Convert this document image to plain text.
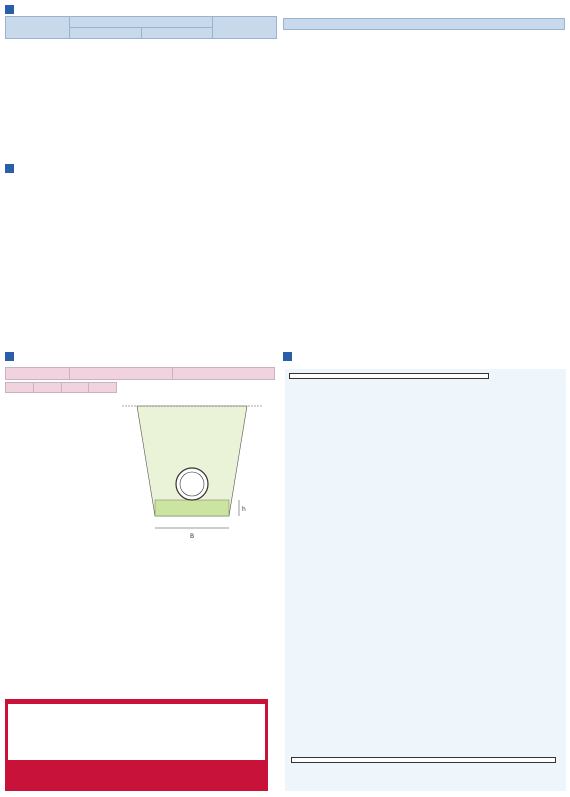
B
h
